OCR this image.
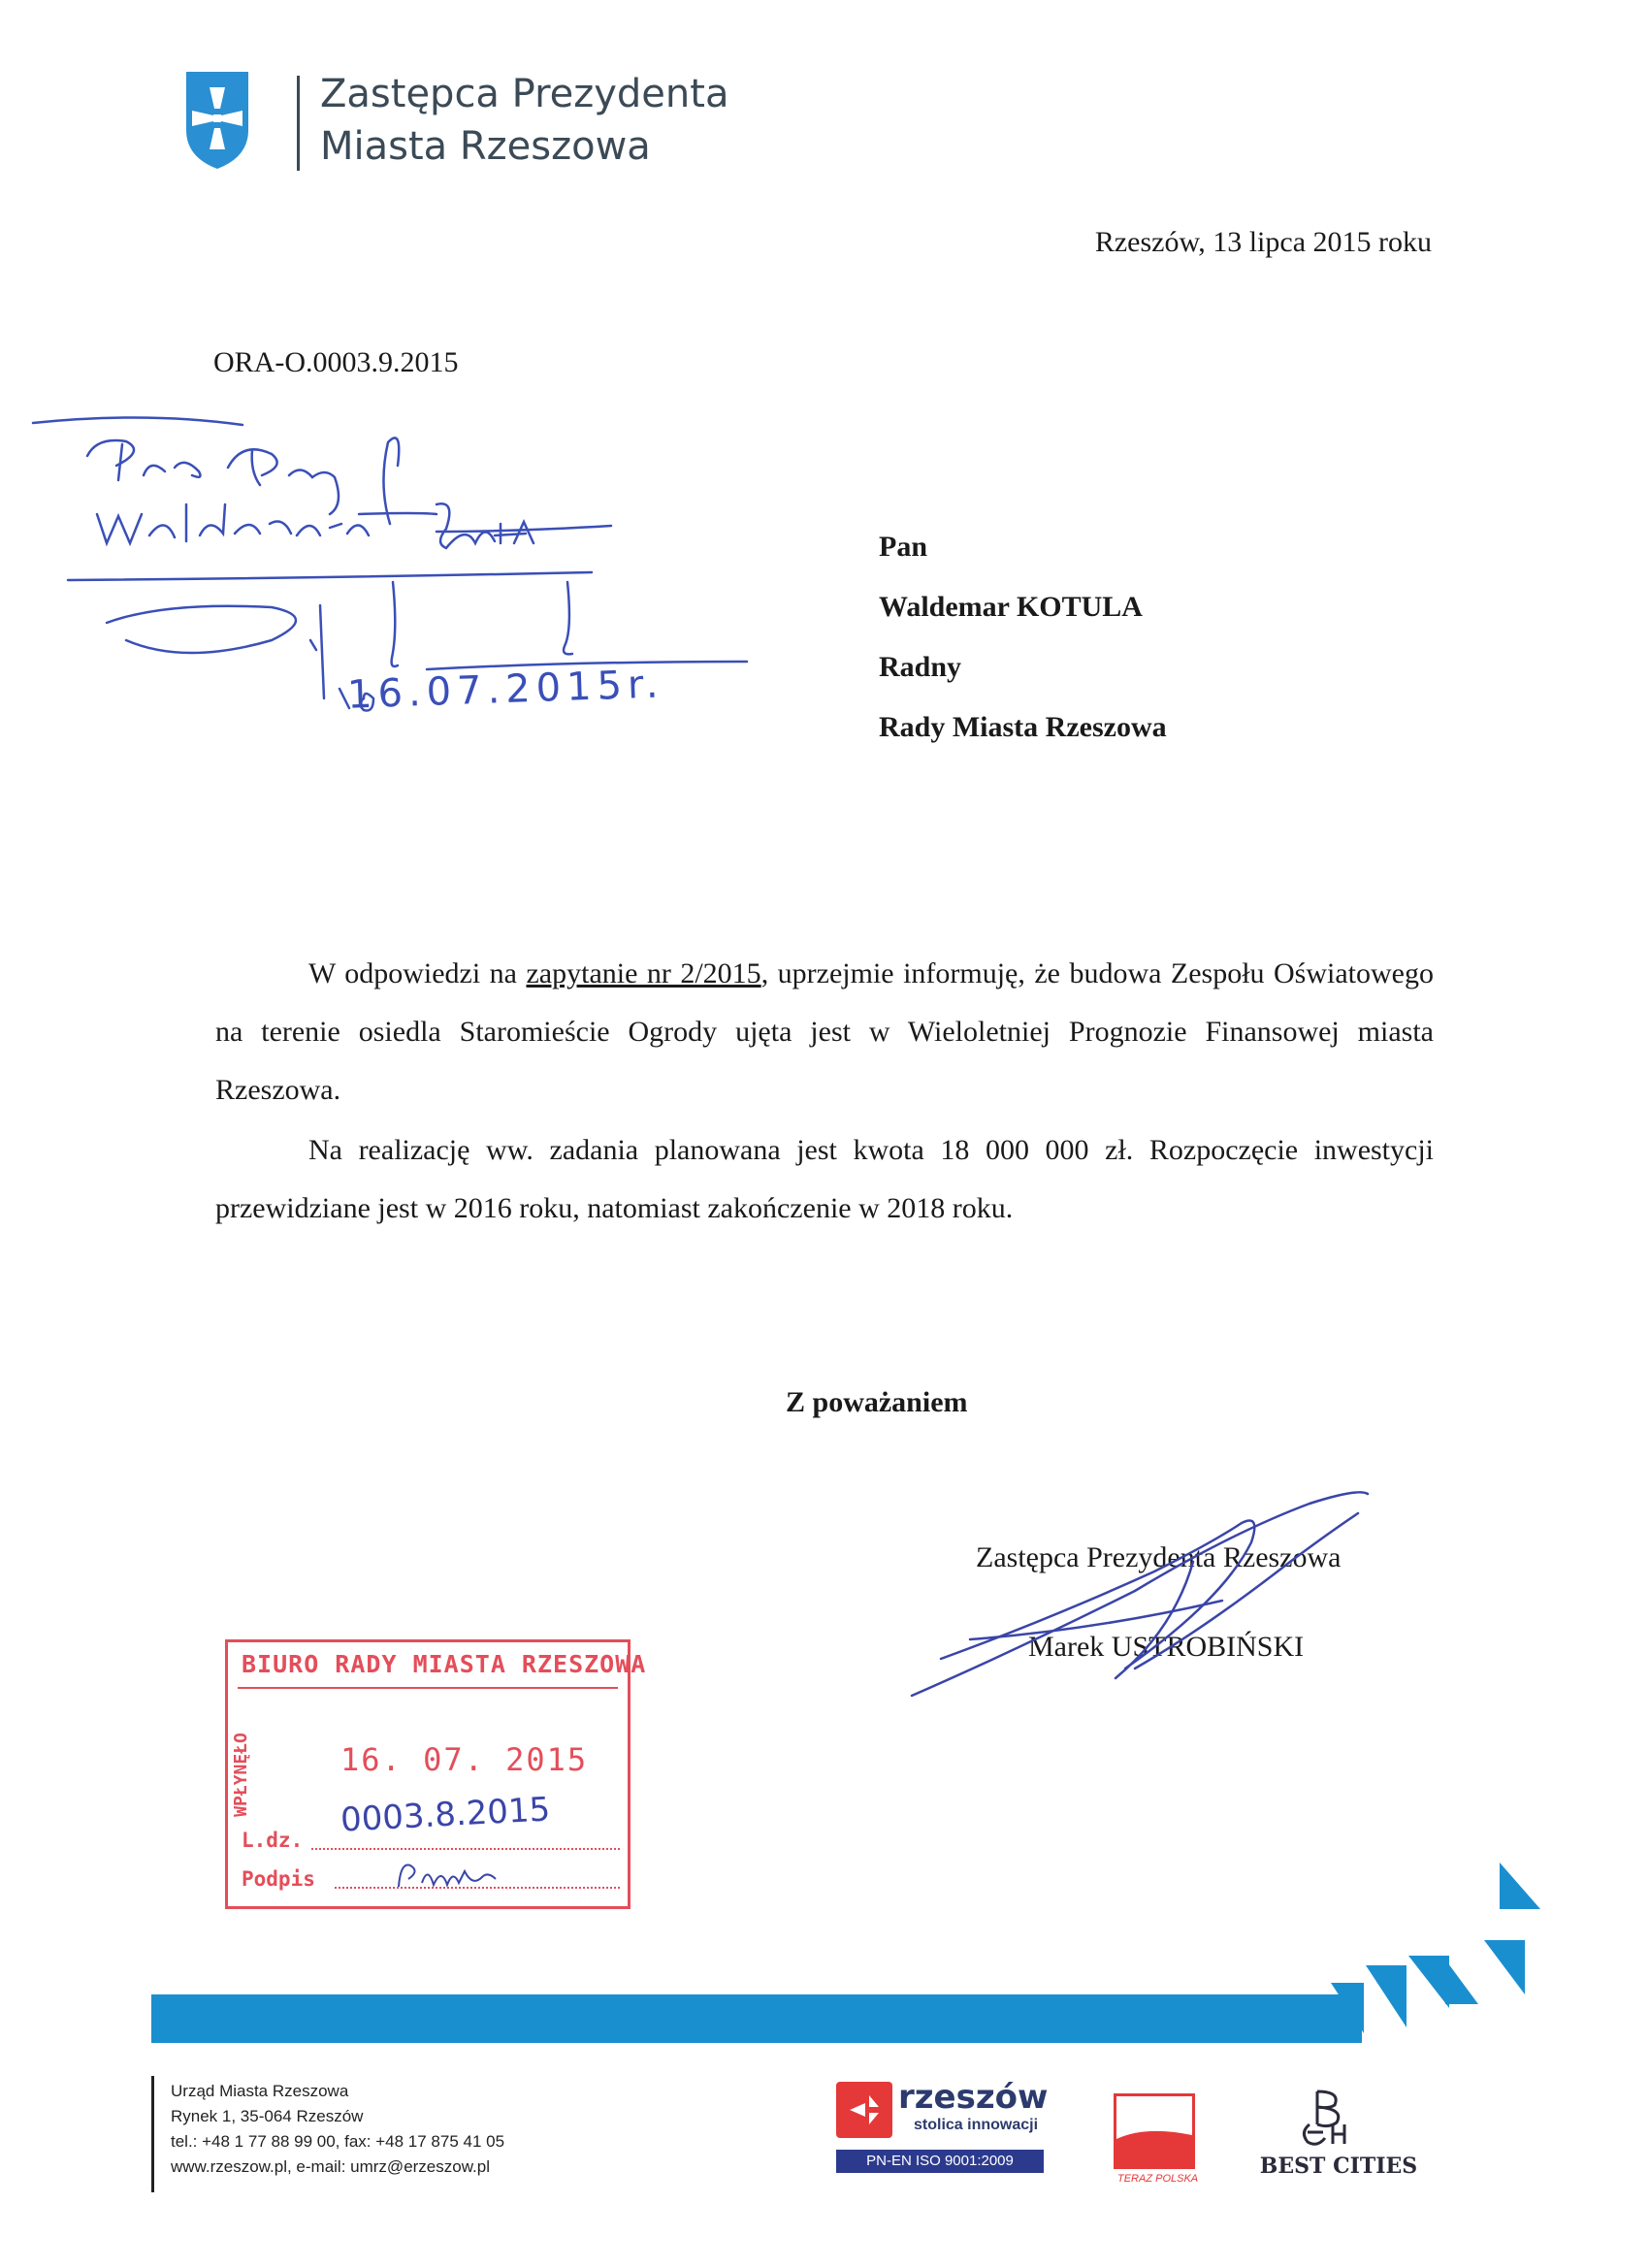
Zastępca Prezydenta
Miasta Rzeszowa
Rzeszów, 13 lipca 2015 roku
ORA-O.0003.9.2015
16.07.2015r.
Pan
Waldemar KOTULA
Radny
Rady Miasta Rzeszowa
W odpowiedzi na zapytanie nr 2/2015, uprzejmie informuję, że budowa Zespołu Oświatowego na terenie osiedla Staromieście Ogrody ujęta jest w Wieloletniej Prognozie Finansowej miasta Rzeszowa.
Na realizację ww. zadania planowana jest kwota 18 000 000 zł. Rozpoczęcie inwestycji przewidziane jest w 2016 roku, natomiast zakończenie w 2018 roku.
Z poważaniem
Zastępca Prezydenta Rzeszowa
Marek USTROBIŃSKI
BIURO RADY MIASTA RZESZOWA
WPŁYNĘŁO	16. 07. 2015
L.dz.
0003.8.2015
Podpis
Urząd Miasta Rzeszowa
Rynek 1, 35-064 Rzeszów
tel.: +48 1 77 88 99 00, fax: +48 17 875 41 05
www.rzeszow.pl, e-mail: umrz@erzeszow.pl
rzeszów
stolica innowacji
PN-EN ISO 9001:2009
TERAZ POLSKA	BEST CITIES
